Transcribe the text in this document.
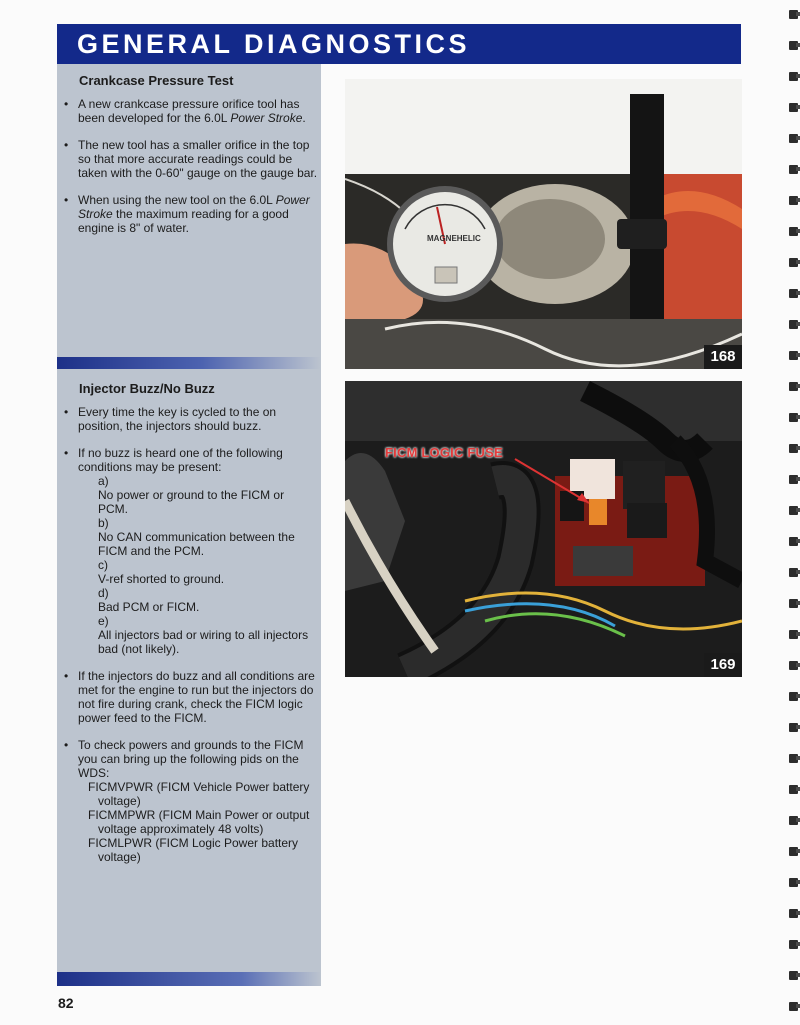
GENERAL DIAGNOSTICS
Crankcase Pressure Test
• A new crankcase pressure orifice tool has been developed for the 6.0L Power Stroke.
• The new tool has a smaller orifice in the top so that more accurate readings could be taken with the 0-60" gauge on the gauge bar.
• When using the new tool on the 6.0L Power Stroke the maximum reading for a good engine is 8" of water.
Injector Buzz/No Buzz
• Every time the key is cycled to the on position, the injectors should buzz.
• If no buzz is heard one of the following conditions may be present:
a)No power or ground to the FICM or PCM.
b)No CAN communication between the FICM and the PCM.
c)V-ref shorted to ground.
d)Bad PCM or FICM.
e)All injectors bad or wiring to all injectors bad (not likely).
• If the injectors do buzz and all conditions are met for the engine to run but the injectors do not fire during crank, check the FICM logic power feed to the FICM.
• To check powers and grounds to the FICM you can bring up the following pids on the WDS:
FICMVPWR (FICM Vehicle Power battery voltage)
FICMMPWR (FICM Main Power or output voltage approximately 48 volts)
FICMLPWR (FICM Logic Power battery voltage)
MAGNEHELIC
168
FICM LOGIC FUSE
169
82
